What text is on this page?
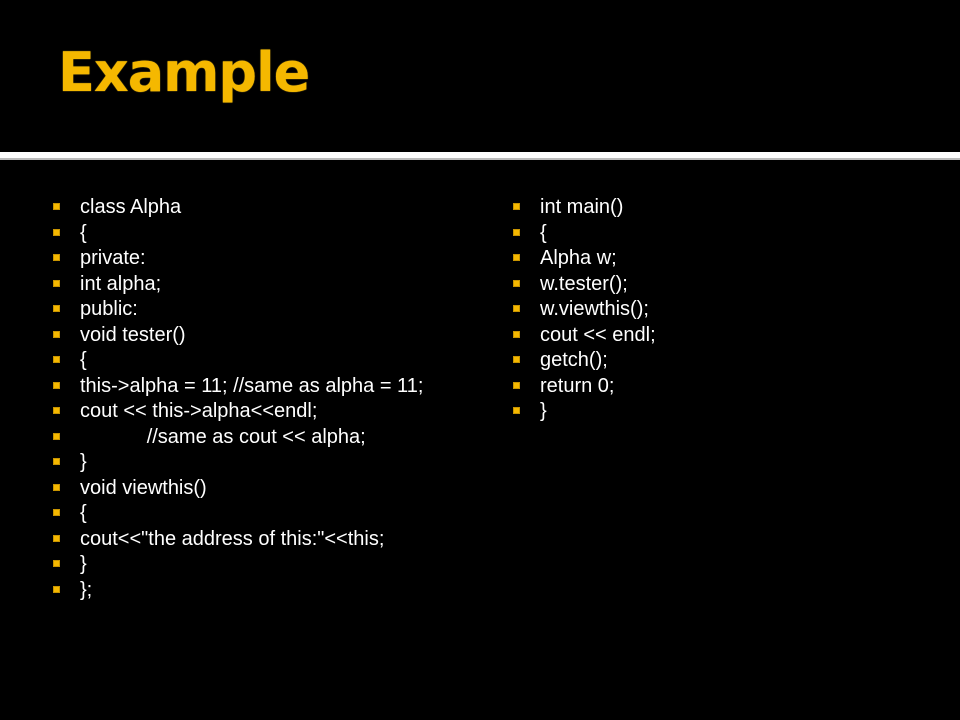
Example
class Alpha
{
private:
int alpha;
public:
void tester()
{
this->alpha = 11; //same as alpha = 11;
cout << this->alpha<<endl;
//same as cout << alpha;
}
void viewthis()
{
cout<<"the address of this:"<<this;
}
};
int main()
{
Alpha w;
w.tester();
w.viewthis();
cout << endl;
getch();
return 0;
}
